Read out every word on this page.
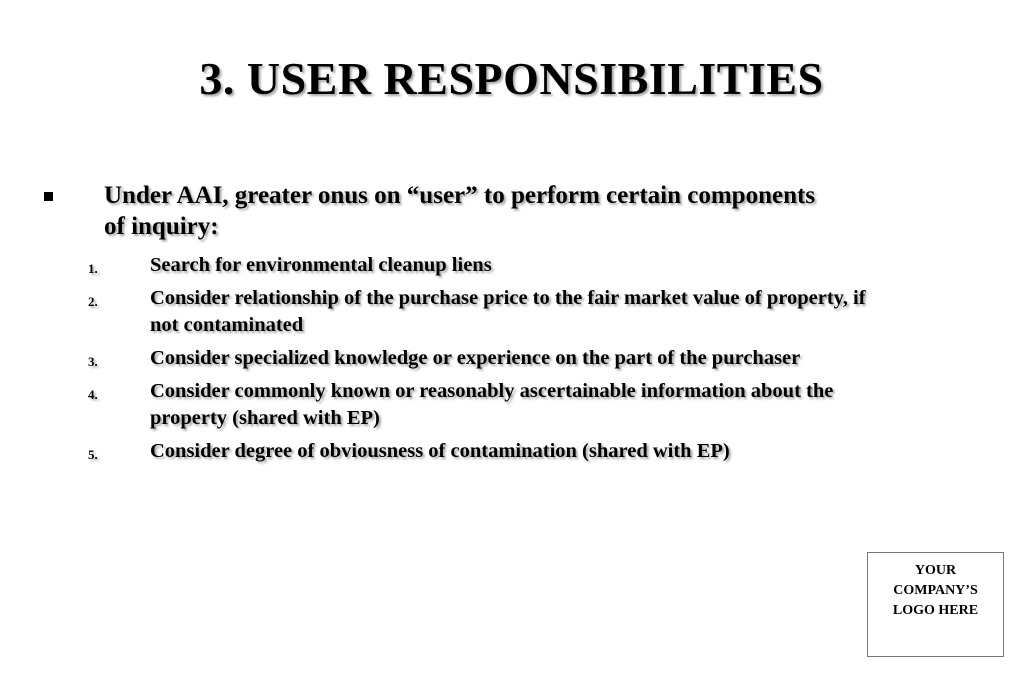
3. USER RESPONSIBILITIES
Under AAI, greater onus on “user” to perform certain components of inquiry:
1.	Search for environmental cleanup liens
2.	Consider relationship of the purchase price to the fair market value of property, if not contaminated
3.	Consider specialized knowledge or experience on the part of the purchaser
4.	Consider commonly known or reasonably ascertainable information about the property (shared with EP)
5.	Consider degree of obviousness of contamination (shared with EP)
YOUR
COMPANY’S
LOGO HERE
